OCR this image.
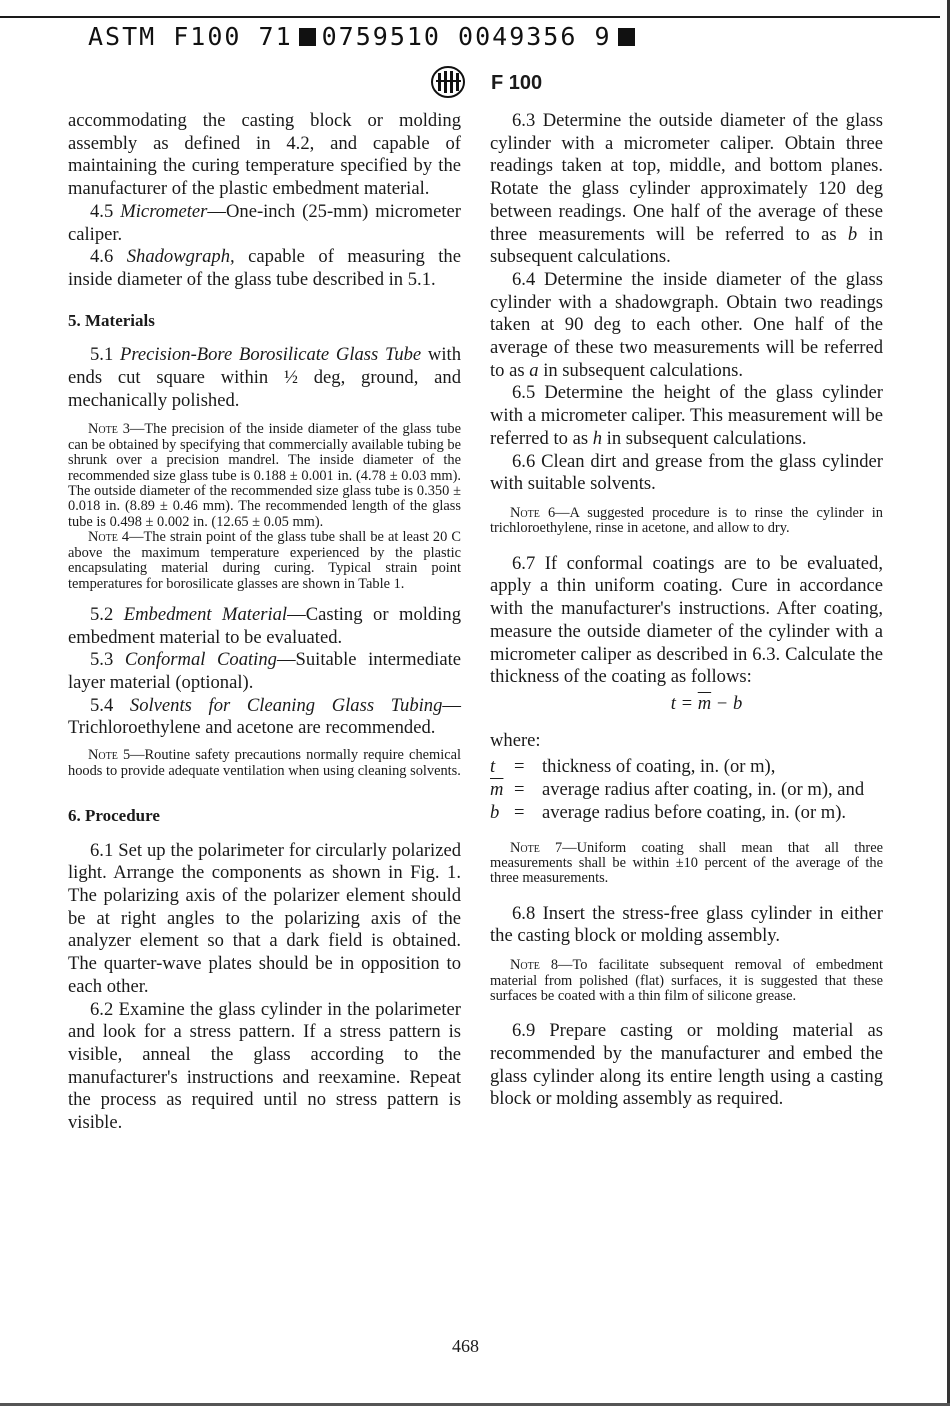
ASTM F100 71 0759510 0049356 9
F 100

accommodating the casting block or molding assembly as defined in 4.2, and capable of maintaining the curing temperature specified by the manufacturer of the plastic embedment material.

4.5 Micrometer—One-inch (25-mm) micrometer caliper.

4.6 Shadowgraph, capable of measuring the inside diameter of the glass tube described in 5.1.

5. Materials

5.1 Precision-Bore Borosilicate Glass Tube with ends cut square within ½ deg, ground, and mechanically polished.

Note 3—The precision of the inside diameter of the glass tube can be obtained by specifying that commercially available tubing be shrunk over a precision mandrel. The inside diameter of the recommended size glass tube is 0.188 ± 0.001 in. (4.78 ± 0.03 mm). The outside diameter of the recommended size glass tube is 0.350 ± 0.018 in. (8.89 ± 0.46 mm). The recommended length of the glass tube is 0.498 ± 0.002 in. (12.65 ± 0.05 mm).

Note 4—The strain point of the glass tube shall be at least 20 C above the maximum temperature experienced by the plastic encapsulating material during curing. Typical strain point temperatures for borosilicate glasses are shown in Table 1.

5.2 Embedment Material—Casting or molding embedment material to be evaluated.

5.3 Conformal Coating—Suitable intermediate layer material (optional).

5.4 Solvents for Cleaning Glass Tubing—Trichloroethylene and acetone are recommended.

Note 5—Routine safety precautions normally require chemical hoods to provide adequate ventilation when using cleaning solvents.

6. Procedure

6.1 Set up the polarimeter for circularly polarized light. Arrange the components as shown in Fig. 1. The polarizing axis of the polarizer element should be at right angles to the polarizing axis of the analyzer element so that a dark field is obtained. The quarter-wave plates should be in opposition to each other.

6.2 Examine the glass cylinder in the polarimeter and look for a stress pattern. If a stress pattern is visible, anneal the glass according to the manufacturer's instructions and reexamine. Repeat the process as required until no stress pattern is visible.

6.3 Determine the outside diameter of the glass cylinder with a micrometer caliper. Obtain three readings taken at top, middle, and bottom planes. Rotate the glass cylinder approximately 120 deg between readings. One half of the average of these three measurements will be referred to as b in subsequent calculations.

6.4 Determine the inside diameter of the glass cylinder with a shadowgraph. Obtain two readings taken at 90 deg to each other. One half of the average of these two measurements will be referred to as a in subsequent calculations.

6.5 Determine the height of the glass cylinder with a micrometer caliper. This measurement will be referred to as h in subsequent calculations.

6.6 Clean dirt and grease from the glass cylinder with suitable solvents.

Note 6—A suggested procedure is to rinse the cylinder in trichloroethylene, rinse in acetone, and allow to dry.

6.7 If conformal coatings are to be evaluated, apply a thin uniform coating. Cure in accordance with the manufacturer's instructions. After coating, measure the outside diameter of the cylinder with a micrometer caliper as described in 6.3. Calculate the thickness of the coating as follows:

$t = \overline{m} - b$
where:
t	= thickness of coating, in. (or m),
$\overline{m}$ = average radius after coating, in. (or m), and
b = average radius before coating, in. (or m).

Note 7—Uniform coating shall mean that all three measurements shall be within ±10 percent of the average of the three measurements.

6.8 Insert the stress-free glass cylinder in either the casting block or molding assembly.

Note 8—To facilitate subsequent removal of embedment material from polished (flat) surfaces, it is suggested that these surfaces be coated with a thin film of silicone grease.

6.9 Prepare casting or molding material as recommended by the manufacturer and embed the glass cylinder along its entire length using a casting block or molding assembly as required.

468
